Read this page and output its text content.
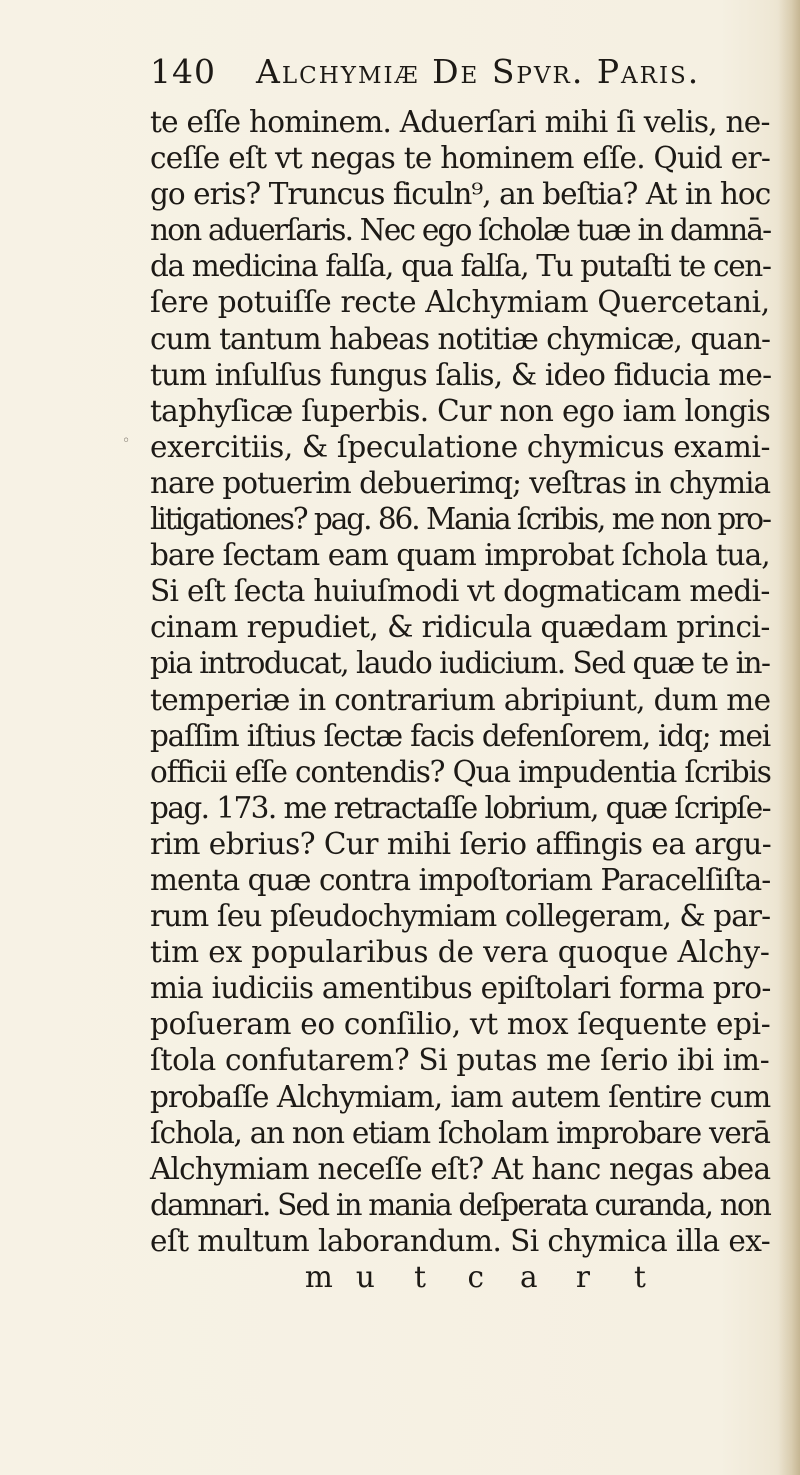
140 Alchymiæ De Spvr. Paris.
◦
te eſſe hominem. Aduerſari mihi ſi velis, ne-
ceſſe eſt vt negas te hominem eſſe. Quid er-
go eris? Truncus ficuln⁹, an beſtia? At in hoc
non aduerſaris. Nec ego ſcholæ tuæ in damnā-
da medicina falſa, qua falſa, Tu putaſti te cen-
ſere potuiſſe recte Alchymiam Quercetani,
cum tantum habeas notitiæ chymicæ, quan-
tum inſulſus fungus ſalis, & ideo fiducia me-
taphyſicæ ſuperbis. Cur non ego iam longis
exercitiis, & ſpeculatione chymicus exami-
nare potuerim debuerimq; veſtras in chymia
litigationes? pag. 86. Mania ſcribis, me non pro-
bare ſectam eam quam improbat ſchola tua,
Si eſt ſecta huiuſmodi vt dogmaticam medi-
cinam repudiet, & ridicula quædam princi-
pia introducat, laudo iudicium. Sed quæ te in-
temperiæ in contrarium abripiunt, dum me
paſſim iſtius ſectæ facis defenſorem, idq; mei
officii eſſe contendis? Qua impudentia ſcribis
pag. 173. me retractaſſe lobrium, quæ ſcripſe-
rim ebrius? Cur mihi ſerio affingis ea argu-
menta quæ contra impoſtoriam Paracelſiſta-
rum ſeu pſeudochymiam collegeram, & par-
tim ex popularibus de vera quoque Alchy-
mia iudiciis amentibus epiſtolari forma pro-
poſueram eo conſilio, vt mox ſequente epi-
ſtola confutarem? Si putas me ſerio ibi im-
probaſſe Alchymiam, iam autem ſentire cum
ſchola, an non etiam ſcholam improbare verā
Alchymiam neceſſe eſt? At hanc negas abea
damnari. Sed in mania deſperata curanda, non
eſt multum laborandum. Si chymica illa ex-
